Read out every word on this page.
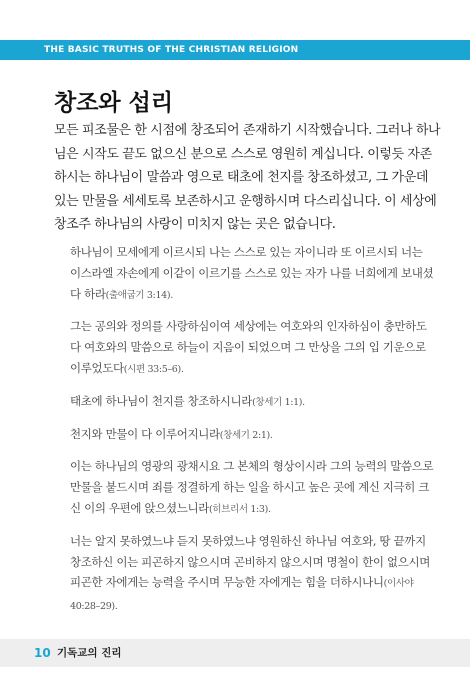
THE BASIC TRUTHS OF THE CHRISTIAN RELIGION
창조와 섭리

모든 피조물은 한 시점에 창조되어 존재하기 시작했습니다. 그러나 하나님은 시작도 끝도 없으신 분으로 스스로 영원히 계십니다. 이렇듯 자존하시는 하나님이 말씀과 영으로 태초에 천지를 창조하셨고, 그 가운데 있는 만물을 세세토록 보존하시고 운행하시며 다스리십니다. 이 세상에 창조주 하나님의 사랑이 미치지 않는 곳은 없습니다.

하나님이 모세에게 이르시되 나는 스스로 있는 자이니라 또 이르시되 너는 이스라엘 자손에게 이같이 이르기를 스스로 있는 자가 나를 너희에게 보내셨다 하라(출애굽기 3:14).

그는 공의와 정의를 사랑하심이여 세상에는 여호와의 인자하심이 충만하도다 여호와의 말씀으로 하늘이 지음이 되었으며 그 만상을 그의 입 기운으로 이루었도다(시편 33:5–6).

태초에 하나님이 천지를 창조하시니라(창세기 1:1).

천지와 만물이 다 이루어지니라(창세기 2:1).

이는 하나님의 영광의 광채시요 그 본체의 형상이시라 그의 능력의 말씀으로 만물을 붙드시며 죄를 정결하게 하는 일을 하시고 높은 곳에 계신 지극히 크신 이의 우편에 앉으셨느니라(히브리서 1:3).

너는 알지 못하였느냐 듣지 못하였느냐 영원하신 하나님 여호와, 땅 끝까지 창조하신 이는 피곤하지 않으시며 곤비하지 않으시며 명철이 한이 없으시며 피곤한 자에게는 능력을 주시며 무능한 자에게는 힘을 더하시나니(이사야 40:28–29).

10 기독교의 진리
